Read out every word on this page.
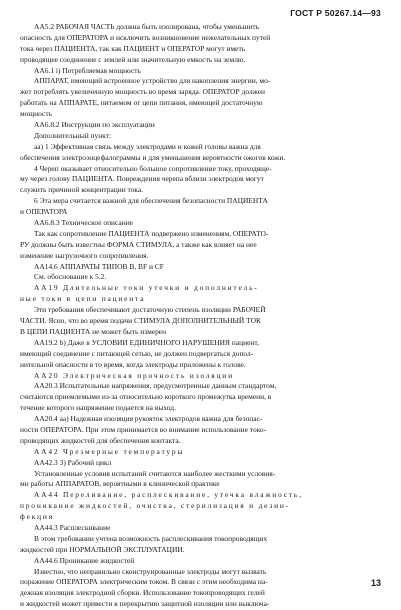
ГОСТ Р 50267.14—93
AA5.2 РАБОЧАЯ ЧАСТЬ должна быть изолирована, чтобы уменьшить
опасность для ОПЕРАТОРА и исключить возникновение нежелательных путей
тока через ПАЦИЕНТА, так как ПАЦИЕНТ и ОПЕРАТОР могут иметь
проводящее соединение с землей или значительную емкость на землю.
AA6.1 i) Потребляемая мощность
АППАРАТ, имеющий встроенное устройство для накопления энергии, мо-
жет потреблять увеличенную мощность во время заряда. ОПЕРАТОР должен
работать на АППАРАТЕ, питаемом от цепи питания, имеющей достаточную
мощность
AA6.8.2 Инструкции по эксплуатации
Дополнительный пункт:
aa) 1 Эффективная связь между электродами и кожей головы важна для
обеспечения электроэнцефалограммы и для уменьшения вероятности ожогов кожи.
4 Череп оказывает относительно большое сопротивление току, проходяще-
му через голову ПАЦИЕНТА. Повреждения черепа вблизи электродов могут
служить причиной концентрации тока.
6 Эта мера считается важной для обеспечения безопасности ПАЦИЕНТА
и ОПЕРАТОРА
AA6.8.3 Техническое описание
Так как сопротивление ПАЦИЕНТА подвержено изменениям, ОПЕРАТО-
РУ должны быть известны ФОРМА СТИМУЛА, а также как влияет на нее
изменение нагрузочного сопротивления.
AA14.6 АППАРАТЫ ТИПОВ В, BF и CF
См. обоснование к 5.2.
AA19 Длительные токи утечки и дополнитель-
ные токи в цепи пациента
Эти требования обеспечивают достаточную степень изоляции РАБОЧЕЙ
ЧАСТИ. Ясно, что во время подачи СТИМУЛА ДОПОЛНИТЕЛЬНЫЙ ТОК
В ЦЕПИ ПАЦИЕНТА не может быть измерен
AA19.2 b) Даже в УСЛОВИИ ЕДИНИЧНОГО НАРУШЕНИЯ пациент,
имеющий соединение с питающей сетью, не должен подвергаться допол-
нительной опасности в то время, когда электроды приложены к голове.
AA20 Электрическая прочность изоляции
AA20.3 Испытательные напряжения, предусмотренные данным стандартом,
считаются приемлемыми из-за относительно короткого промежутка времени, в
течение которого напряжение подается на выход.
AA20.4 aa) Надежная изоляция рукояток электродов важна для безопас-
ности ОПЕРАТОРА. При этом принимается во внимание использование токо-
проводящих жидкостей для обеспечения контакта.
AA42 Чрезмерные температуры
AA42.3 3) Рабочий цикл
Установленные условия испытаний считаются наиболее жесткими условия-
ми работы АППАРАТОВ, вероятными в клинической практике
AA44 Переливание, расплескивание, утечка влажность,
проникание жидкостей, очистка, стерилизация и дезин-
фекция
AA44.3 Расплескивание
В этом требовании учтена возможность расплескивания токопроводящих
жидкостей при НОРМАЛЬНОЙ ЭКСПЛУАТАЦИИ.
AA44.6 Проникание жидкостей
Известно, что неправильно сконструированные электроды могут вызвать
поражение ОПЕРАТОРА электрическим током. В связи с этим необходима на-
дежная изоляция электродной сборки. Использование токопроводящих гелей
и жидкостей может привести к перекрытию защитной изоляции или выключа-
13
